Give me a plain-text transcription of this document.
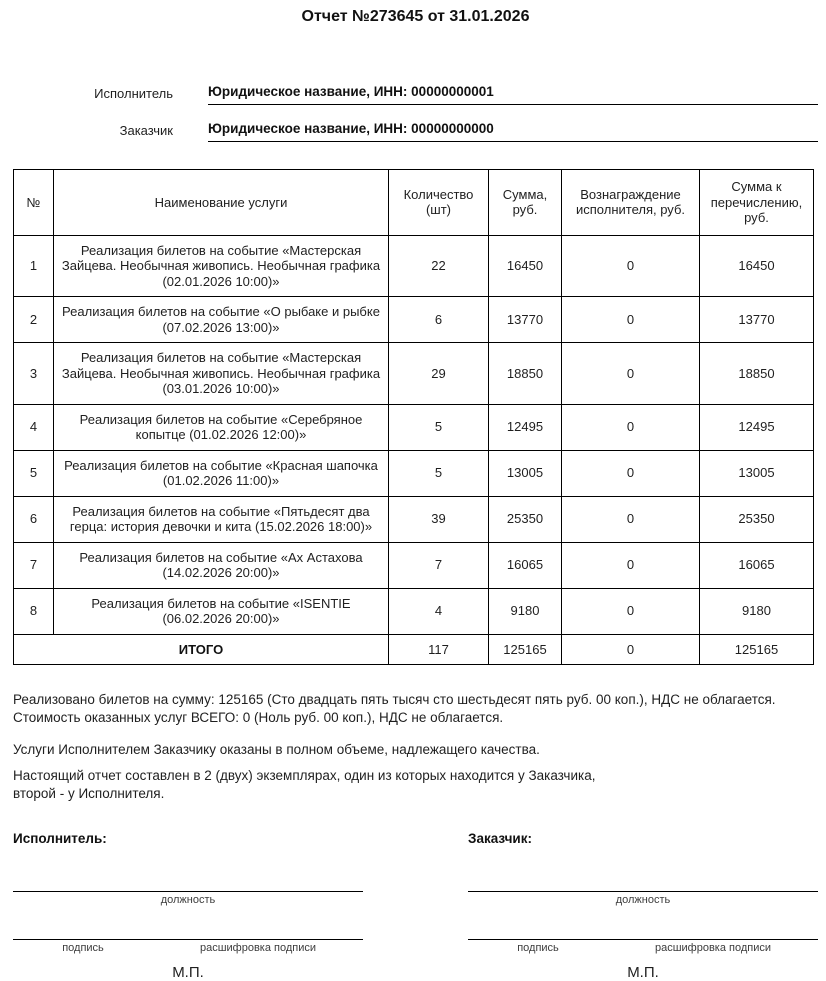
Отчет №273645 от 31.01.2026
Исполнитель	Юридическое название, ИНН: 00000000001
Заказчик	Юридическое название, ИНН: 00000000000
№	Наименование услуги	Количество (шт)	Сумма, руб.	Вознаграждение исполнителя, руб.	Сумма к перечислению, руб.
1	Реализация билетов на событие «Мастерская Зайцева. Необычная живопись. Необычная графика (02.01.2026 10:00)»	22	16450	0	16450
2	Реализация билетов на событие «О рыбаке и рыбке (07.02.2026 13:00)»	6	13770	0	13770
3	Реализация билетов на событие «Мастерская Зайцева. Необычная живопись. Необычная графика (03.01.2026 10:00)»	29	18850	0	18850
4	Реализация билетов на событие «Серебряное копытце (01.02.2026 12:00)»	5	12495	0	12495
5	Реализация билетов на событие «Красная шапочка (01.02.2026 11:00)»	5	13005	0	13005
6	Реализация билетов на событие «Пятьдесят два герца: история девочки и кита (15.02.2026 18:00)»	39	25350	0	25350
7	Реализация билетов на событие «Ах Астахова (14.02.2026 20:00)»	7	16065	0	16065
8	Реализация билетов на событие «ISENTIE (06.02.2026 20:00)»	4	9180	0	9180
ИТОГО		117	125165	0	125165
Реализовано билетов на сумму: 125165 (Сто двадцать пять тысяч сто шестьдесят пять руб. 00 коп.), НДС не облагается.
Стоимость оказанных услуг ВСЕГО: 0 (Ноль руб. 00 коп.), НДС не облагается.
Услуги Исполнителем Заказчику оказаны в полном объеме, надлежащего качества.
Настоящий отчет составлен в 2 (двух) экземплярах, один из которых находится у Заказчика,
второй - у Исполнителя.
Исполнитель:
должность
подпись	расшифровка подписи
М.П.
Заказчик:
должность
подпись	расшифровка подписи
М.П.
